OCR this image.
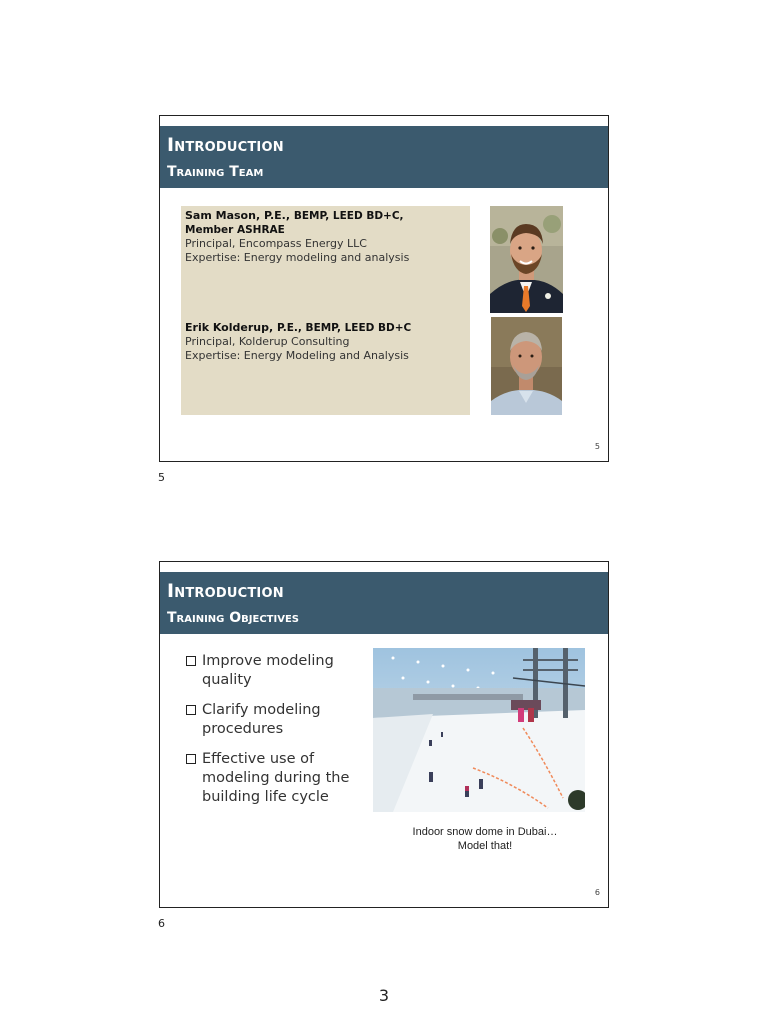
Introduction
Training Team
Sam Mason, P.E., BEMP, LEED BD+C,
Member ASHRAE
Principal, Encompass Energy LLC
Expertise: Energy modeling and analysis
Erik Kolderup, P.E., BEMP, LEED BD+C
Principal, Kolderup Consulting
Expertise: Energy Modeling and Analysis
5
5
Introduction
Training Objectives
Improve modeling quality
Clarify modeling procedures
Effective use of modeling during the building life cycle
Indoor snow dome in Dubai…
Model that!
6
6
3
